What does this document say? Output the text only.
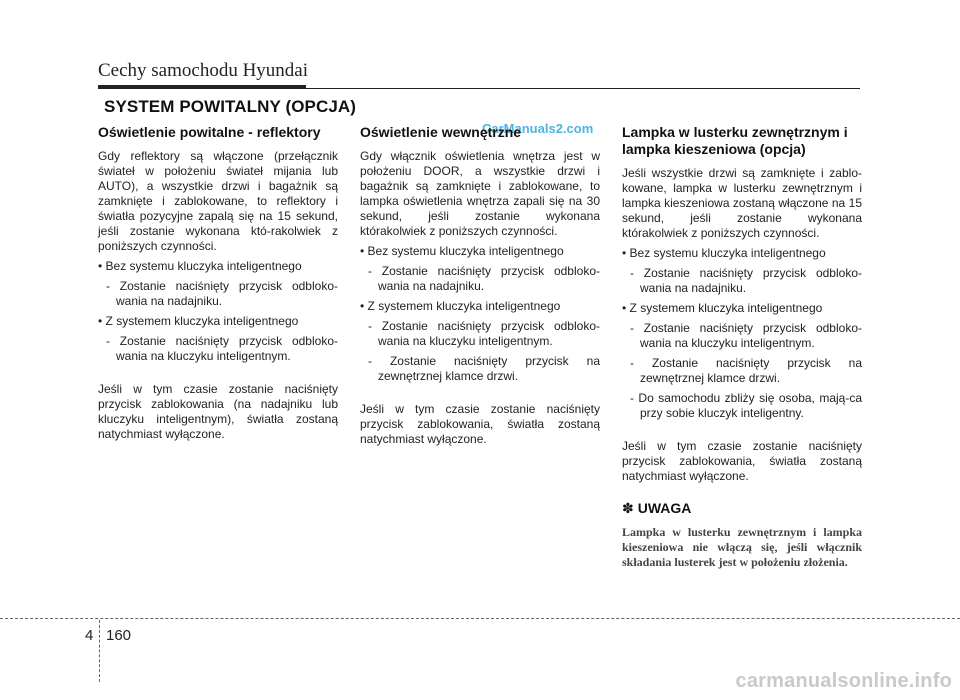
Cechy samochodu Hyundai
SYSTEM POWITALNY (OPCJA)
Oświetlenie powitalne - reflektory

Gdy reflektory są włączone (przełącznik świateł w położeniu świateł mijania lub AUTO), a wszystkie drzwi i bagażnik są zamknięte i zablokowane, to reflektory i światła pozycyjne zapalą się na 15 sekund, jeśli zostanie wykonana któ-rakolwiek z poniższych czynności.

• Bez systemu kluczyka inteligentnego

- Zostanie naciśnięty przycisk odbloko-wania na nadajniku.

• Z systemem kluczyka inteligentnego

- Zostanie naciśnięty przycisk odbloko-wania na kluczyku inteligentnym.

Jeśli w tym czasie zostanie naciśnięty przycisk zablokowania (na nadajniku lub kluczyku inteligentnym), światła zostaną natychmiast wyłączone.

CarManuals2.com
Oświetlenie wewnętrzne

Gdy włącznik oświetlenia wnętrza jest w położeniu DOOR, a wszystkie drzwi i bagażnik są zamknięte i zablokowane, to lampka oświetlenia wnętrza zapali się na 30 sekund, jeśli zostanie wykonana którakolwiek z poniższych czynności.

• Bez systemu kluczyka inteligentnego

- Zostanie naciśnięty przycisk odbloko-wania na nadajniku.

• Z systemem kluczyka inteligentnego

- Zostanie naciśnięty przycisk odbloko-wania na kluczyku inteligentnym.

- Zostanie naciśnięty przycisk na zewnętrznej klamce drzwi.

Jeśli w tym czasie zostanie naciśnięty przycisk zablokowania, światła zostaną natychmiast wyłączone.

Lampka w lusterku zewnętrznym i lampka kieszeniowa (opcja)

Jeśli wszystkie drzwi są zamknięte i zablo-kowane, lampka w lusterku zewnętrznym i lampka kieszeniowa zostaną włączone na 15 sekund, jeśli zostanie wykonana którakolwiek z poniższych czynności.

• Bez systemu kluczyka inteligentnego

- Zostanie naciśnięty przycisk odbloko-wania na nadajniku.

• Z systemem kluczyka inteligentnego

- Zostanie naciśnięty przycisk odbloko-wania na kluczyku inteligentnym.

- Zostanie naciśnięty przycisk na zewnętrznej klamce drzwi.

- Do samochodu zbliży się osoba, mają-ca przy sobie kluczyk inteligentny.

Jeśli w tym czasie zostanie naciśnięty przycisk zablokowania, światła zostaną natychmiast wyłączone.

✽ UWAGA
Lampka w lusterku zewnętrznym i lampka kieszeniowa nie włączą się, jeśli włącznik składania lusterek jest w położeniu złożenia.
4 160
carmanualsonline.info
